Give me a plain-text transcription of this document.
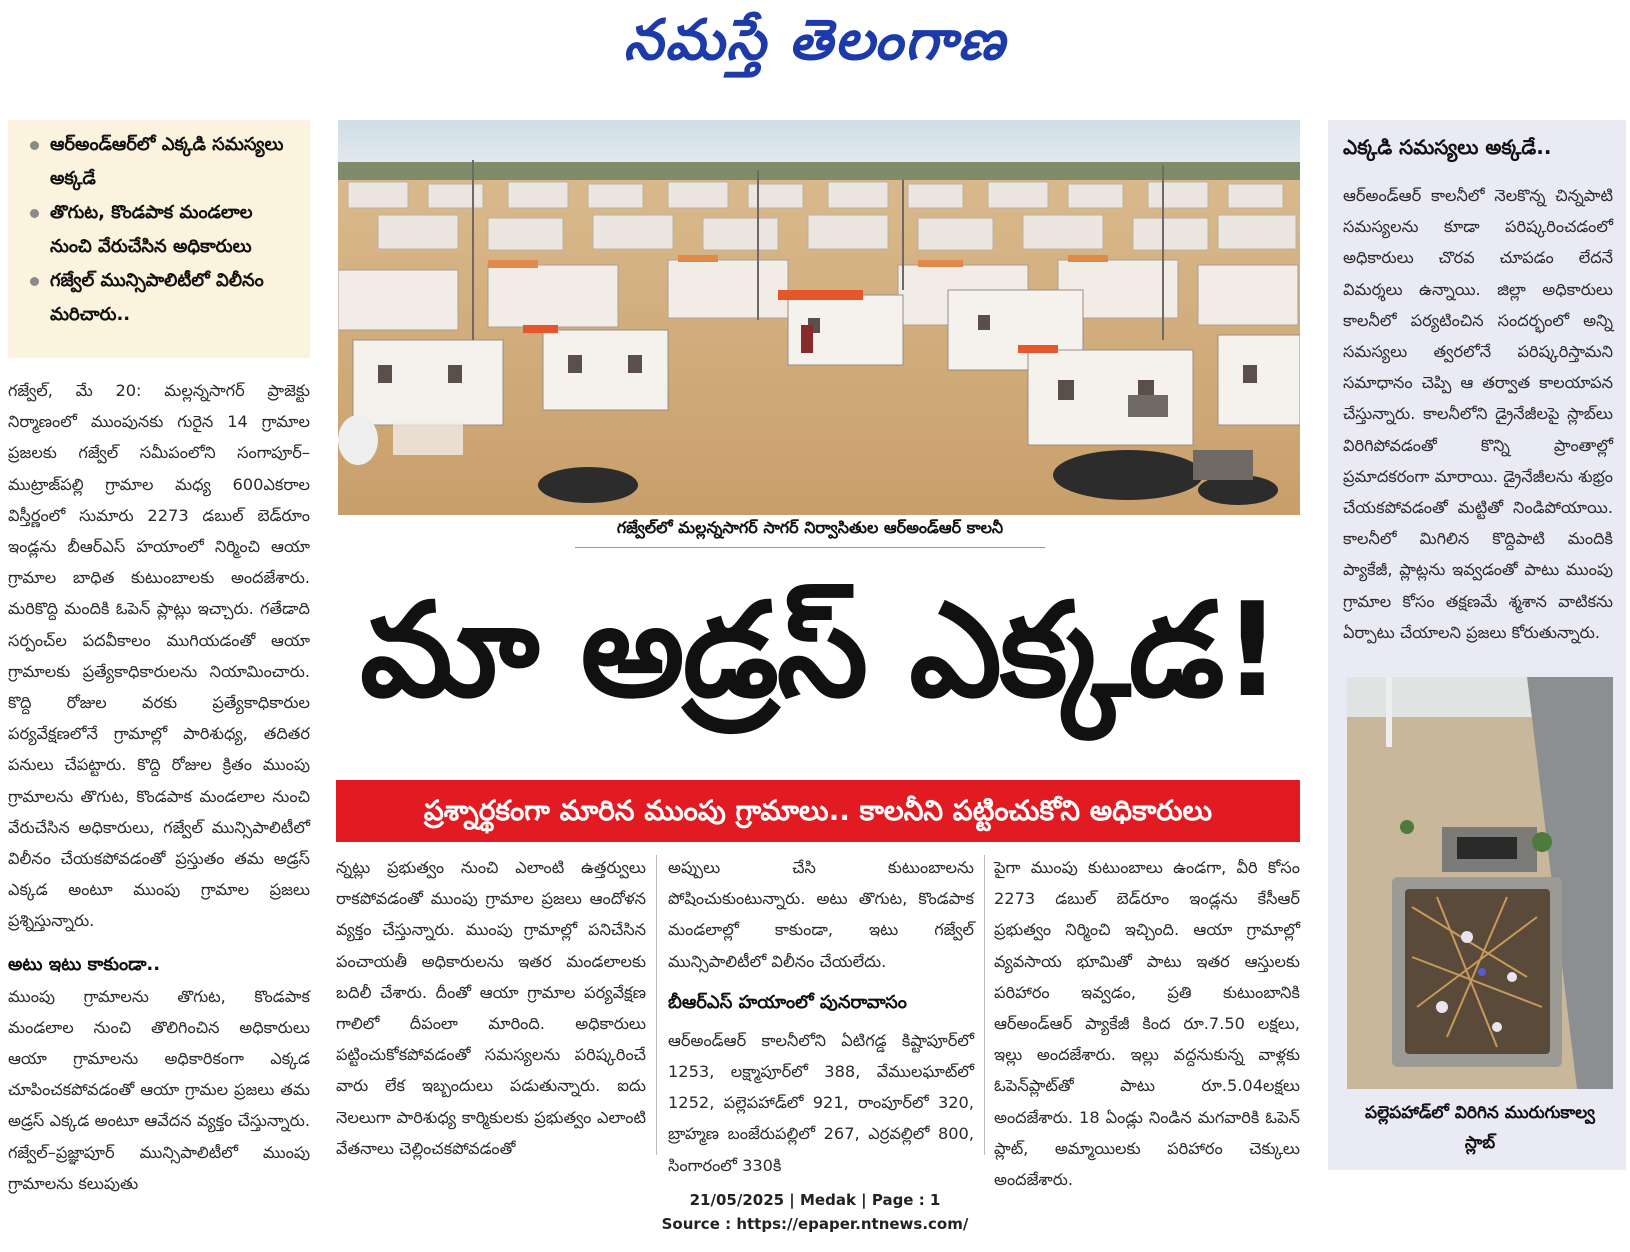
నమస్తే తెలంగాణ
ఆర్‌అండ్‌ఆర్‌లో ఎక్కడి సమస్యలు అక్కడే
తొగుట, కొండపాక మండలాల నుంచి వేరుచేసిన అధికారులు
గజ్వేల్ మున్సిపాలిటీలో విలీనం మరిచారు..

గజ్వేల్, మే 20: మల్లన్నసాగర్ ప్రాజెక్టు నిర్మాణంలో ముంపునకు గురైన 14 గ్రామాల ప్రజలకు గజ్వేల్ సమీపంలోని సంగాపూర్–ముట్రాజ్‌పల్లి గ్రామాల మధ్య 600ఎకరాల విస్తీర్ణంలో సుమారు 2273 డబుల్ బెడ్‌రూం ఇండ్లను బీఆర్‌ఎస్ హయాంలో నిర్మించి ఆయా గ్రామాల బాధిత కుటుంబాలకు అందజేశారు. మరికొద్ది మందికి ఓపెన్ ప్లాట్లు ఇచ్చారు. గతేడాది సర్పంచ్‌ల పదవీకాలం ముగియడంతో ఆయా గ్రామాలకు ప్రత్యేకాధికారులను నియామించారు. కొద్ది రోజుల వరకు ప్రత్యేకాధికారుల పర్యవేక్షణలోనే గ్రామాల్లో పారిశుధ్య, తదితర పనులు చేపట్టారు. కొద్ది రోజుల క్రితం ముంపు గ్రామాలను తొగుట, కొండపాక మండలాల నుంచి వేరుచేసిన అధికారులు, గజ్వేల్ మున్సిపాలిటీలో విలీనం చేయకపోవడంతో ప్రస్తుతం తమ అడ్రస్ ఎక్కడ అంటూ ముంపు గ్రామాల ప్రజలు ప్రశ్నిస్తున్నారు.

అటు ఇటు కాకుండా..

ముంపు గ్రామాలను తొగుట, కొండపాక మండలాల నుంచి తొలిగించిన అధికారులు ఆయా గ్రామాలను అధికారికంగా ఎక్కడ చూపించకపోవడంతో ఆయా గ్రామల ప్రజలు తమ అడ్రస్ ఎక్కడ అంటూ ఆవేదన వ్యక్తం చేస్తున్నారు. గజ్వేల్–ప్రజ్ఞాపూర్ మున్సిపాలిటీలో ముంపు గ్రామాలను కలుపుతు

గజ్వేల్‌లో మల్లన్నసాగర్ సాగర్ నిర్వాసితుల ఆర్‌అండ్‌ఆర్ కాలనీ
మా అడ్రస్ ఎక్కడ!
ప్రశ్నార్థకంగా మారిన ముంపు గ్రామాలు.. కాలనీని పట్టించుకోని అధికారులు
న్నట్లు ప్రభుత్వం నుంచి ఎలాంటి ఉత్తర్వులు రాకపోవడంతో ముంపు గ్రామాల ప్రజలు ఆందోళన వ్యక్తం చేస్తున్నారు. ముంపు గ్రామాల్లో పనిచేసిన పంచాయతీ అధికారులను ఇతర మండలాలకు బదిలీ చేశారు. దీంతో ఆయా గ్రామాల పర్యవేక్షణ గాలిలో దీపంలా మారింది. అధికారులు పట్టించుకోకపోవడంతో సమస్యలను పరిష్కరించే వారు లేక ఇబ్బందులు పడుతున్నారు. ఐదు నెలలుగా పారిశుధ్య కార్మికులకు ప్రభుత్వం ఎలాంటి వేతనాలు చెల్లించకపోవడంతో

అప్పులు చేసి కుటుంబాలను పోషించుకుంటున్నారు. అటు తొగుట, కొండపాక మండలాల్లో కాకుండా, ఇటు గజ్వేల్ మున్సిపాలిటీలో విలీనం చేయలేదు.

బీఆర్‌ఎస్ హయాంలో పునరావాసం

ఆర్‌అండ్‌ఆర్ కాలనీలోని ఏటిగడ్డ కిష్టాపూర్‌లో 1253, లక్ష్మాపూర్‌లో 388, వేములఘాట్‌లో 1252, పల్లెపహాడ్‌లో 921, రాంపూర్‌లో 320, బ్రాహ్మణ బంజేరుపల్లిలో 267, ఎర్రవల్లిలో 800, సింగారంలో 330కి

పైగా ముంపు కుటుంబాలు ఉండగా, వీరి కోసం 2273 డబుల్ బెడ్‌రూం ఇండ్లను కేసీఆర్ ప్రభుత్వం నిర్మించి ఇచ్చింది. ఆయా గ్రామాల్లో వ్యవసాయ భూమితో పాటు ఇతర ఆస్తులకు పరిహారం ఇవ్వడం, ప్రతి కుటుంబానికి ఆర్‌అండ్‌ఆర్ ప్యాకేజీ కింద రూ.7.50 లక్షలు, ఇల్లు అందజేశారు. ఇల్లు వద్దనుకున్న వాళ్లకు ఓపెన్‌ప్లాట్‌తో పాటు రూ.5.04లక్షలు అందజేశారు. 18 ఏండ్లు నిండిన మగవారికి ఓపెన్ ప్లాట్, అమ్మాయిలకు పరిహారం చెక్కులు అందజేశారు.
ఎక్కడి సమస్యలు అక్కడే..
ఆర్‌అండ్‌ఆర్ కాలనీలో నెలకొన్న చిన్నపాటి సమస్యలను కూడా పరిష్కరించడంలో అధికారులు చొరవ చూపడం లేదనే విమర్శలు ఉన్నాయి. జిల్లా అధికారులు కాలనీలో పర్యటించిన సందర్భంలో అన్ని సమస్యలు త్వరలోనే పరిష్కరిస్తామని సమాధానం చెప్పి ఆ తర్వాత కాలయాపన చేస్తున్నారు. కాలనీలోని డ్రైనేజీలపై స్లాబ్‌లు విరిగిపోవడంతో కొన్ని ప్రాంతాల్లో ప్రమాదకరంగా మారాయి. డ్రైనేజీలను శుభ్రం చేయకపోవడంతో మట్టితో నిండిపోయాయి. కాలనీలో మిగిలిన కొద్దిపాటి మందికి ప్యాకేజీ, ప్లాట్లను ఇవ్వడంతో పాటు ముంపు గ్రామాల కోసం తక్షణమే శ్మశాన వాటికను ఏర్పాటు చేయాలని ప్రజలు కోరుతున్నారు.
పల్లెపహాడ్‌లో విరిగిన మురుగుకాల్వ స్లాబ్
21/05/2025 | Medak | Page : 1
Source : https://epaper.ntnews.com/
